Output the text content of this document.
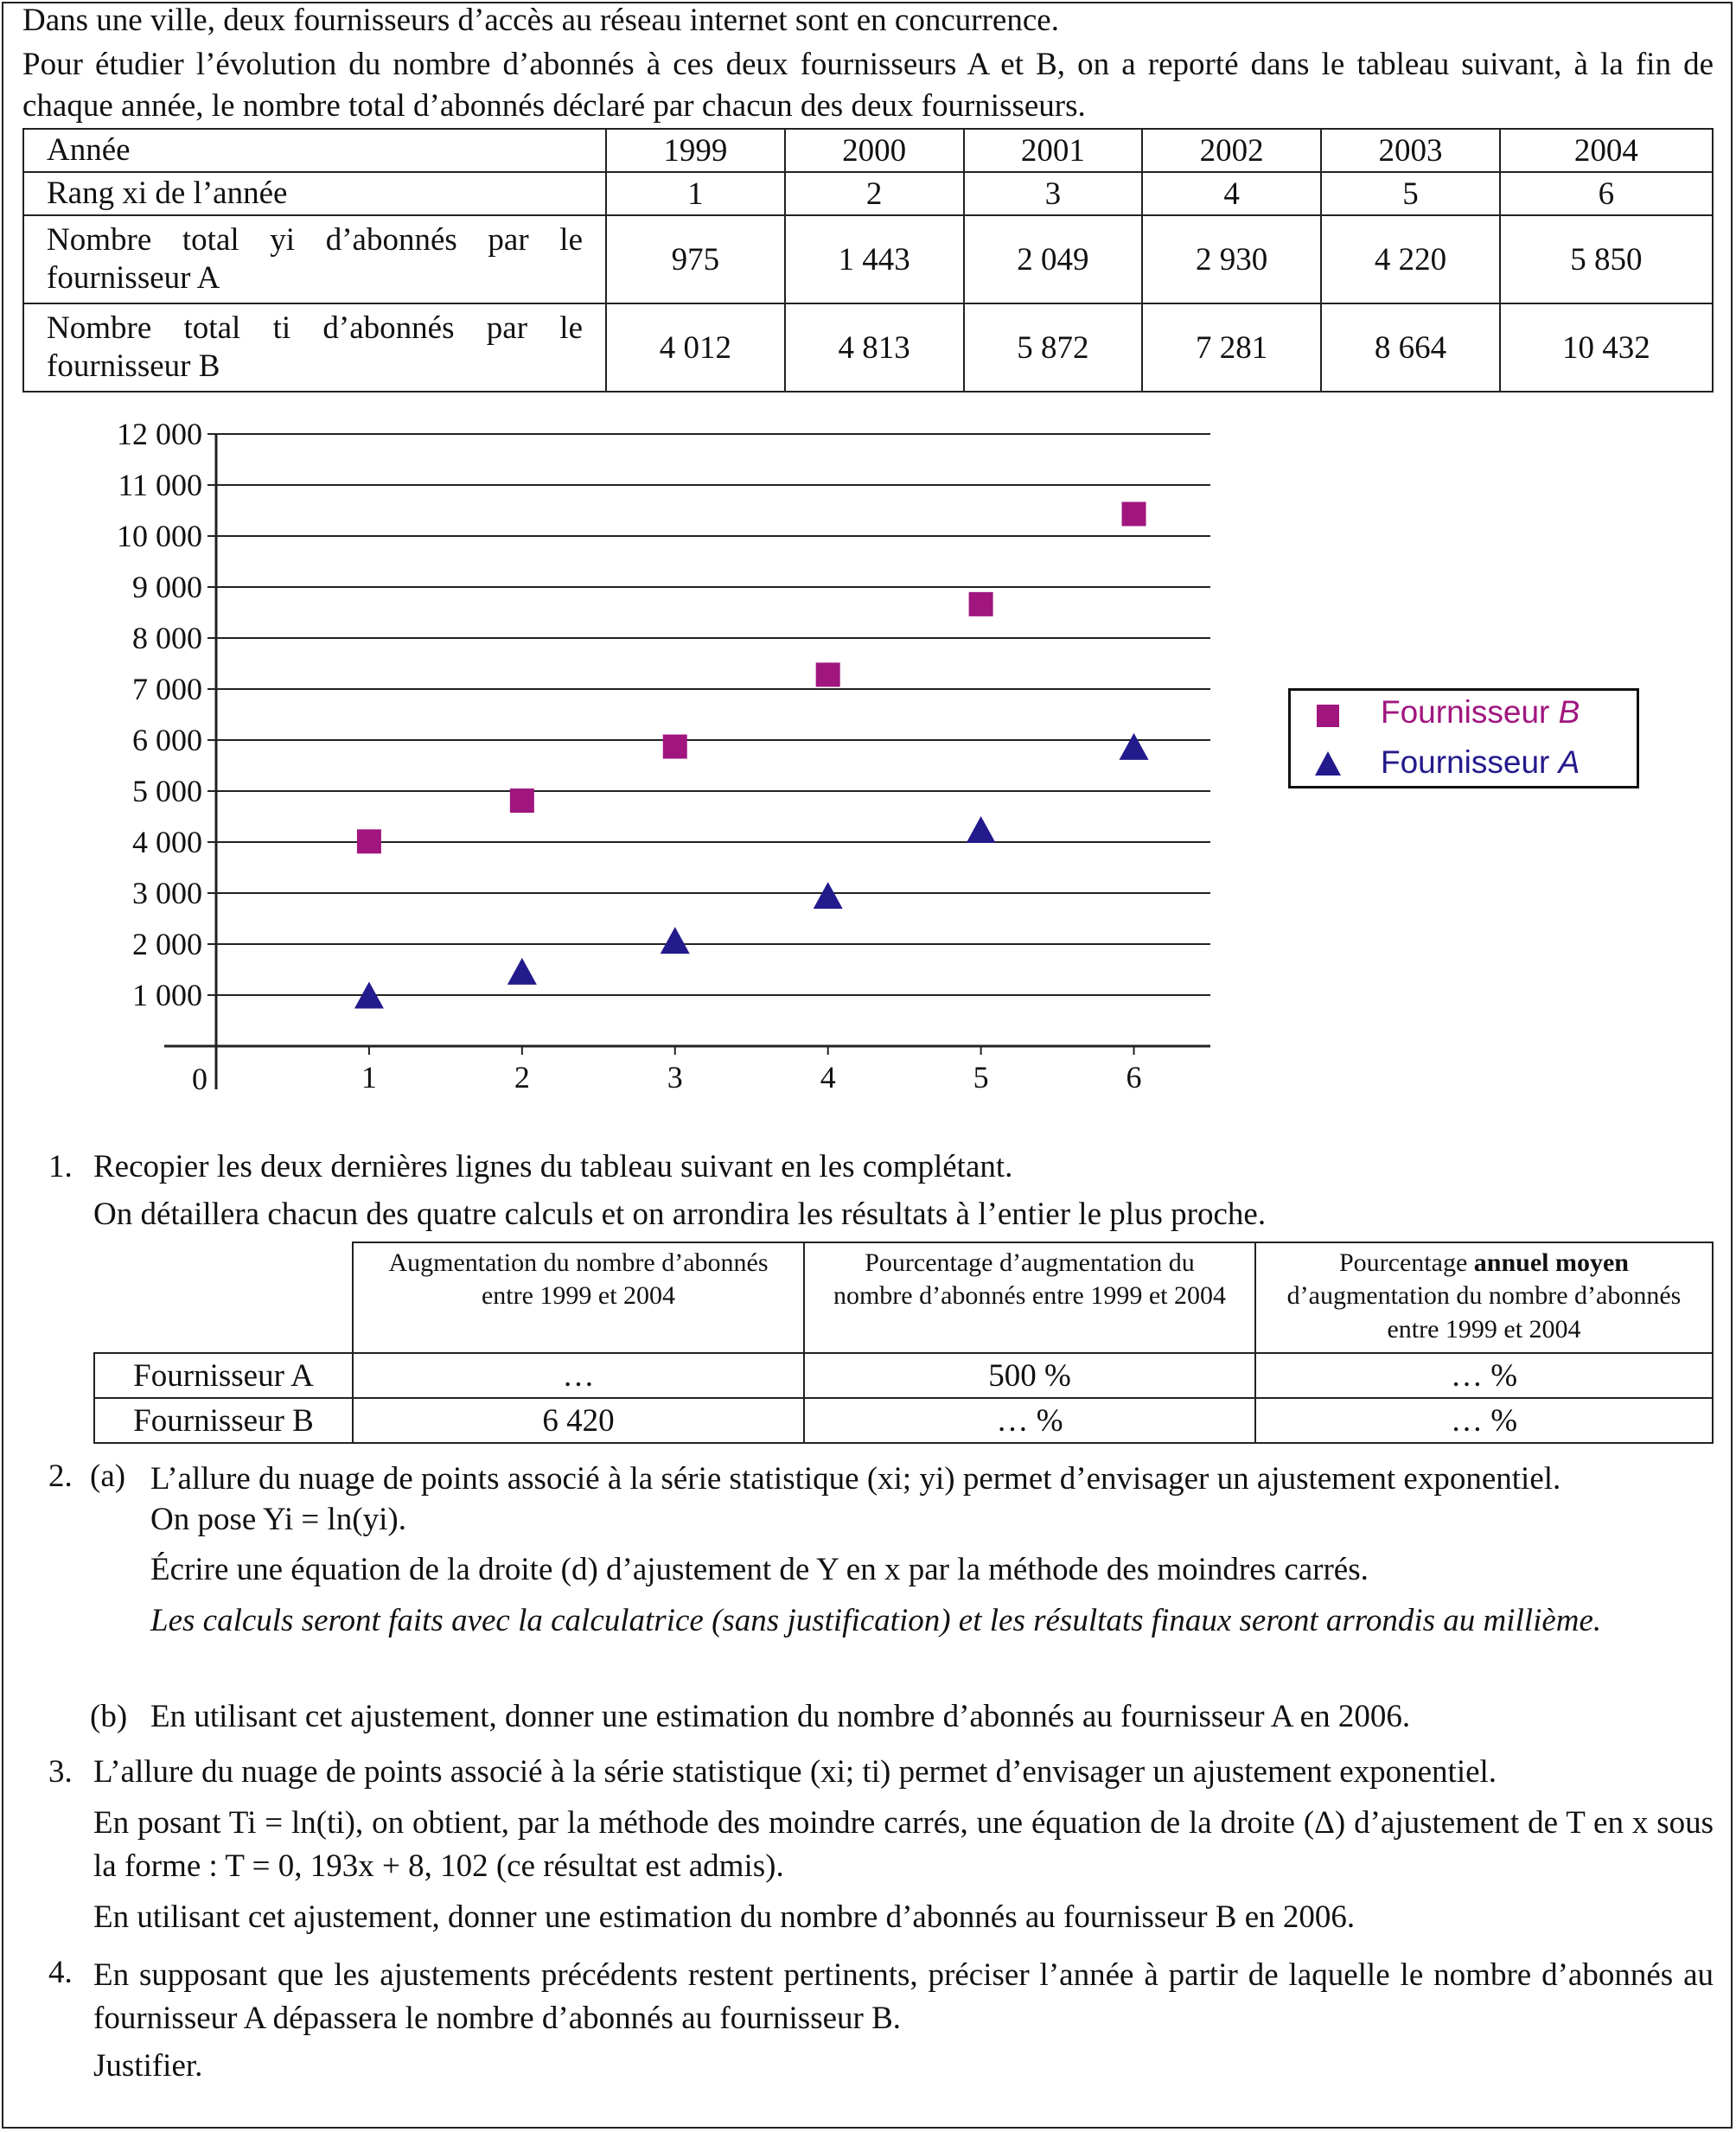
Dans une ville, deux fournisseurs d’accès au réseau internet sont en concurrence.
Pour étudier l’évolution du nombre d’abonnés à ces deux fournisseurs A et B, on a reporté dans le tableau suivant, à la fin de chaque année, le nombre total d’abonnés déclaré par chacun des deux fournisseurs.
Année	1999	2000	2001	2002	2003	2004
Rang xi de l’année	1	2	3	4	5	6
Nombre total yi d’abonnés par le fournisseur A	975	1 443	2 049	2 930	4 220	5 850
Nombre total ti d’abonnés par le fournisseur B	4 012	4 813	5 872	7 281	8 664	10 432
12 000
11 000
10 000
9 000
8 000
7 000
6 000
5 000
4 000
3 000
2 000
1 000
0	1	2	3	4	5	6
Fournisseur B
Fournisseur A
1. Recopier les deux dernières lignes du tableau suivant en les complétant.
On détaillera chacun des quatre calculs et on arrondira les résultats à l’entier le plus proche.
	Augmentation du nombre d’abonnés entre 1999 et 2004	Pourcentage d’augmentation du nombre d’abonnés entre 1999 et 2004	Pourcentage annuel moyen d’augmentation du nombre d’abonnés entre 1999 et 2004
Fournisseur A	…	500 %	… %
Fournisseur B	6 420	… %	… %
2. (a) L’allure du nuage de points associé à la série statistique (xi; yi) permet d’envisager un ajustement exponentiel.
On pose Yi = ln(yi).
Écrire une équation de la droite (d) d’ajustement de Y en x par la méthode des moindres carrés.
Les calculs seront faits avec la calculatrice (sans justification) et les résultats finaux seront arrondis au millième.
(b) En utilisant cet ajustement, donner une estimation du nombre d’abonnés au fournisseur A en 2006.
3. L’allure du nuage de points associé à la série statistique (xi; ti) permet d’envisager un ajustement exponentiel.
En posant Ti = ln(ti), on obtient, par la méthode des moindre carrés, une équation de la droite (Δ) d’ajustement de T en x sous la forme : T = 0, 193x + 8, 102 (ce résultat est admis).
En utilisant cet ajustement, donner une estimation du nombre d’abonnés au fournisseur B en 2006.
4. En supposant que les ajustements précédents restent pertinents, préciser l’année à partir de laquelle le nombre d’abonnés au fournisseur A dépassera le nombre d’abonnés au fournisseur B.
Justifier.
